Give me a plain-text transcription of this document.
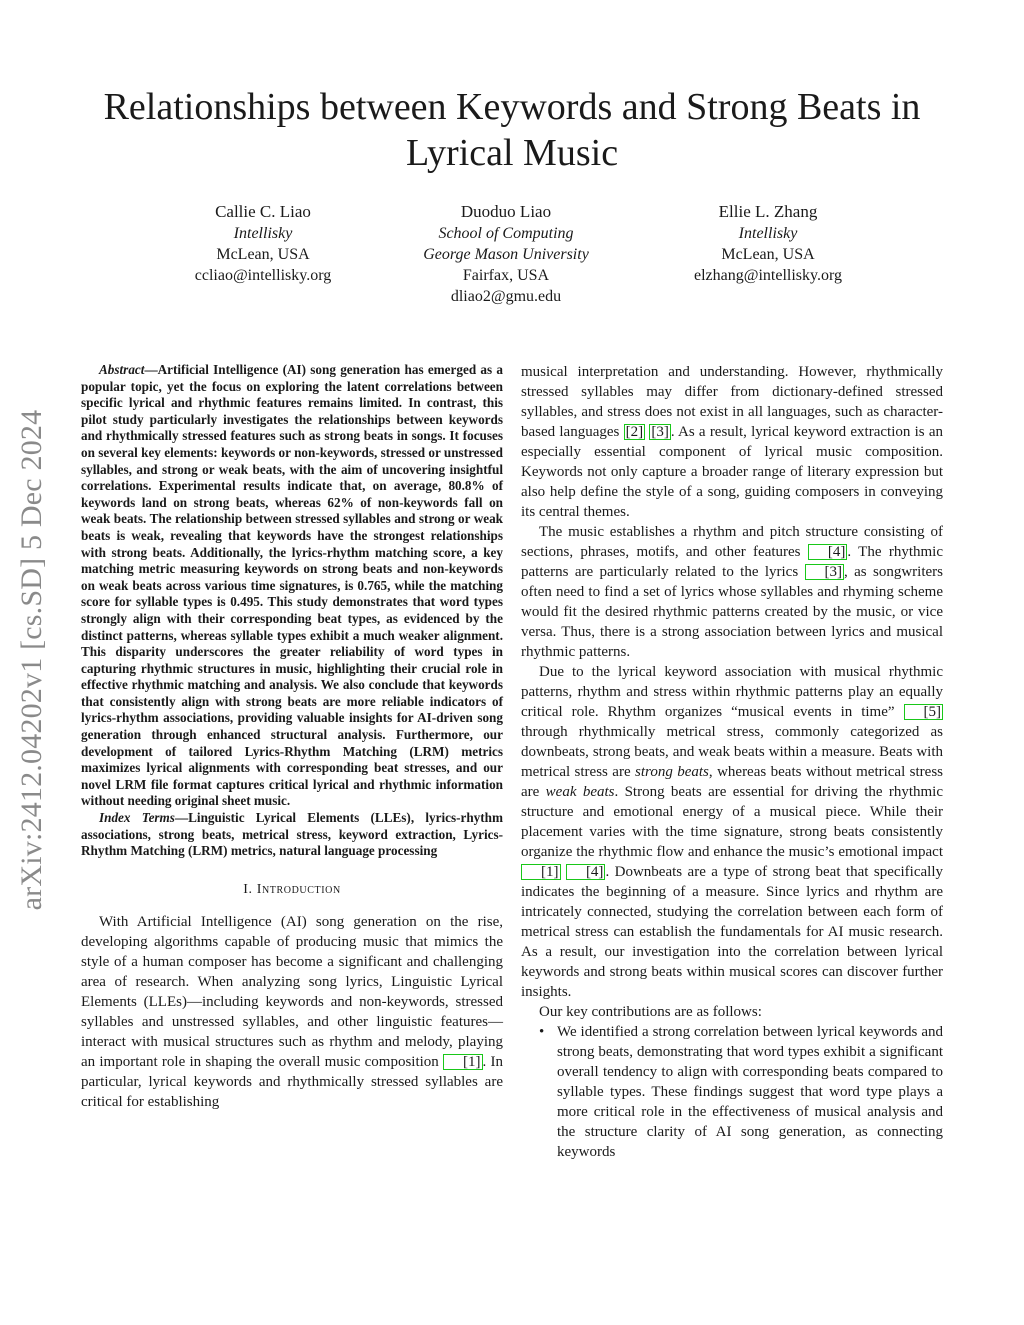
arXiv:2412.04202v1 [cs.SD] 5 Dec 2024
Relationships between Keywords and Strong Beats in Lyrical Music
Callie C. Liao
Intellisky
McLean, USA
ccliao@intellisky.org
Duoduo Liao
School of Computing
George Mason University
Fairfax, USA
dliao2@gmu.edu
Ellie L. Zhang
Intellisky
McLean, USA
elzhang@intellisky.org

Abstract—Artificial Intelligence (AI) song generation has emerged as a popular topic, yet the focus on exploring the latent correlations between specific lyrical and rhythmic features remains limited. In contrast, this pilot study particularly investigates the relationships between keywords and rhythmically stressed features such as strong beats in songs. It focuses on several key elements: keywords or non-keywords, stressed or unstressed syllables, and strong or weak beats, with the aim of uncovering insightful correlations. Experimental results indicate that, on average, 80.8% of keywords land on strong beats, whereas 62% of non-keywords fall on weak beats. The relationship between stressed syllables and strong or weak beats is weak, revealing that keywords have the strongest relationships with strong beats. Additionally, the lyrics-rhythm matching score, a key matching metric measuring keywords on strong beats and non-keywords on weak beats across various time signatures, is 0.765, while the matching score for syllable types is 0.495. This study demonstrates that word types strongly align with their corresponding beat types, as evidenced by the distinct patterns, whereas syllable types exhibit a much weaker alignment. This disparity underscores the greater reliability of word types in capturing rhythmic structures in music, highlighting their crucial role in effective rhythmic matching and analysis. We also conclude that keywords that consistently align with strong beats are more reliable indicators of lyrics-rhythm associations, providing valuable insights for AI-driven song generation through enhanced structural analysis. Furthermore, our development of tailored Lyrics-Rhythm Matching (LRM) metrics maximizes lyrical alignments with corresponding beat stresses, and our novel LRM file format captures critical lyrical and rhythmic information without needing original sheet music.

Index Terms—Linguistic Lyrical Elements (LLEs), lyrics-rhythm associations, strong beats, metrical stress, keyword extraction, Lyrics-Rhythm Matching (LRM) metrics, natural language processing

I. Introduction

With Artificial Intelligence (AI) song generation on the rise, developing algorithms capable of producing music that mimics the style of a human composer has become a significant and challenging area of research. When analyzing song lyrics, Linguistic Lyrical Elements (LLEs)—including keywords and non-keywords, stressed syllables and unstressed syllables, and other linguistic features—interact with musical structures such as rhythm and melody, playing an important role in shaping the overall music composition [1] . In particular, lyrical keywords and rhythmically stressed syllables are critical for establishing

musical interpretation and understanding. However, rhythmically stressed syllables may differ from dictionary-defined stressed syllables, and stress does not exist in all languages, such as character-based languages [2] [3] . As a result, lyrical keyword extraction is an especially essential component of lyrical music composition. Keywords not only capture a broader range of literary expression but also help define the style of a song, guiding composers in conveying its central themes.

The music establishes a rhythm and pitch structure consisting of sections, phrases, motifs, and other features [4] . The rhythmic patterns are particularly related to the lyrics [3] , as songwriters often need to find a set of lyrics whose syllables and rhyming scheme would fit the desired rhythmic patterns created by the music, or vice versa. Thus, there is a strong association between lyrics and musical rhythmic patterns.

Due to the lyrical keyword association with musical rhythmic patterns, rhythm and stress within rhythmic patterns play an equally critical role. Rhythm organizes “musical events in time” [5] through rhythmically metrical stress, commonly categorized as downbeats, strong beats, and weak beats within a measure. Beats with metrical stress are strong beats, whereas beats without metrical stress are weak beats. Strong beats are essential for driving the rhythmic structure and emotional energy of a musical piece. While their placement varies with the time signature, strong beats consistently organize the rhythmic flow and enhance the music’s emotional impact [1] [4] . Downbeats are a type of strong beat that specifically indicates the beginning of a measure. Since lyrics and rhythm are intricately connected, studying the correlation between each form of metrical stress can establish the fundamentals for AI music research. As a result, our investigation into the correlation between lyrical keywords and strong beats within musical scores can discover further insights.

Our key contributions are as follows:

• We identified a strong correlation between lyrical keywords and strong beats, demonstrating that word types exhibit a significant overall tendency to align with corresponding beats compared to syllable types. These findings suggest that word type plays a more critical role in the effectiveness of musical analysis and the structure clarity of AI song generation, as connecting keywords
